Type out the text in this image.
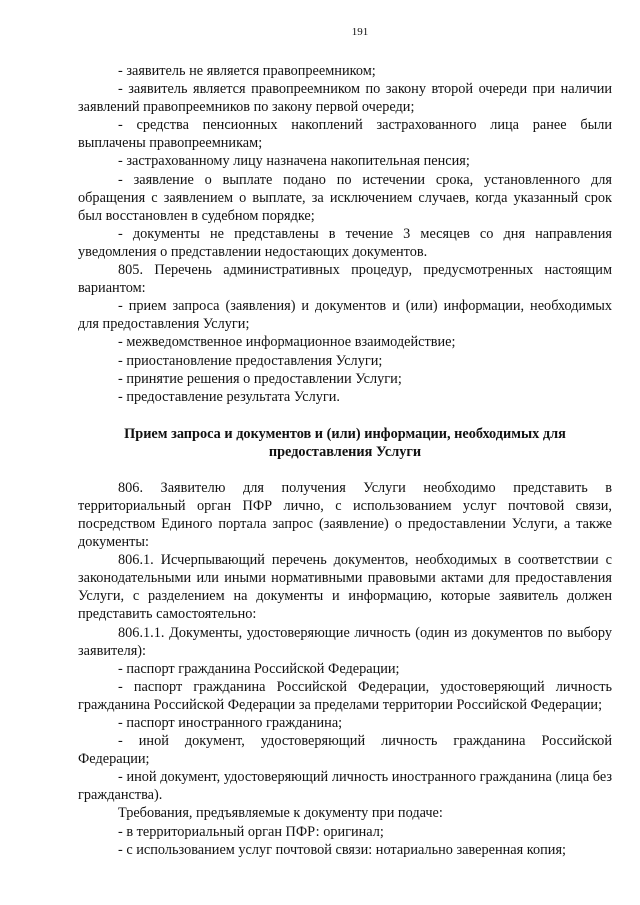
191

- заявитель не является правопреемником;

- заявитель является правопреемником по закону второй очереди при наличии заявлений правопреемников по закону первой очереди;

- средства пенсионных накоплений застрахованного лица ранее были выплачены правопреемникам;

- застрахованному лицу назначена накопительная пенсия;

- заявление о выплате подано по истечении срока, установленного для обращения с заявлением о выплате, за исключением случаев, когда указанный срок был восстановлен в судебном порядке;

- документы не представлены в течение 3 месяцев со дня направления уведомления о представлении недостающих документов.

805. Перечень административных процедур, предусмотренных настоящим вариантом:

- прием запроса (заявления) и документов и (или) информации, необходимых для предоставления Услуги;

- межведомственное информационное взаимодействие;

- приостановление предоставления Услуги;

- принятие решения о предоставлении Услуги;

- предоставление результата Услуги.

Прием запроса и документов и (или) информации, необходимых для предоставления Услуги

806. Заявителю для получения Услуги необходимо представить в территориальный орган ПФР лично, с использованием услуг почтовой связи, посредством Единого портала запрос (заявление) о предоставлении Услуги, а также документы:

806.1. Исчерпывающий перечень документов, необходимых в соответствии с законодательными или иными нормативными правовыми актами для предоставления Услуги, с разделением на документы и информацию, которые заявитель должен представить самостоятельно:

806.1.1. Документы, удостоверяющие личность (один из документов по выбору заявителя):

- паспорт гражданина Российской Федерации;

- паспорт гражданина Российской Федерации, удостоверяющий личность гражданина Российской Федерации за пределами территории Российской Федерации;

- паспорт иностранного гражданина;

- иной документ, удостоверяющий личность гражданина Российской Федерации;

- иной документ, удостоверяющий личность иностранного гражданина (лица без гражданства).

Требования, предъявляемые к документу при подаче:

- в территориальный орган ПФР: оригинал;

- с использованием услуг почтовой связи: нотариально заверенная копия;
